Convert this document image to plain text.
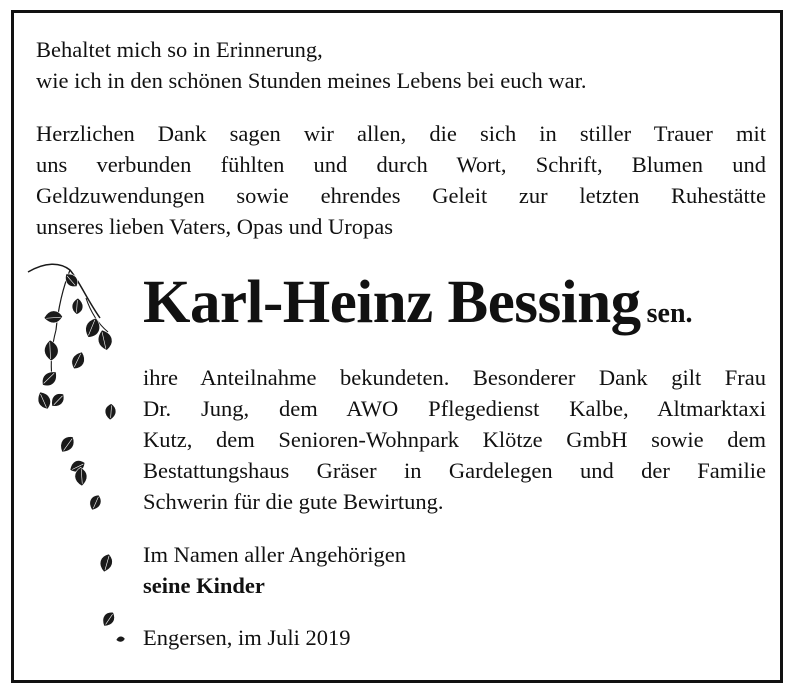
Behaltet mich so in Erinnerung,
wie ich in den schönen Stunden meines Lebens bei euch war.
Herzlichen Dank sagen wir allen, die sich in stiller Trauer mit
uns verbunden fühlten und durch Wort, Schrift, Blumen und
Geldzuwendungen sowie ehrendes Geleit zur letzten Ruhestätte
unseres lieben Vaters, Opas und Uropas
Karl-Heinz Bessing sen.
ihre Anteilnahme bekundeten. Besonderer Dank gilt Frau
Dr. Jung, dem AWO Pflegedienst Kalbe, Altmarktaxi
Kutz, dem Senioren-Wohnpark Klötze GmbH sowie dem
Bestattungshaus Gräser in Gardelegen und der Familie
Schwerin für die gute Bewirtung.
Im Namen aller Angehörigen
seine Kinder
Engersen, im Juli 2019
